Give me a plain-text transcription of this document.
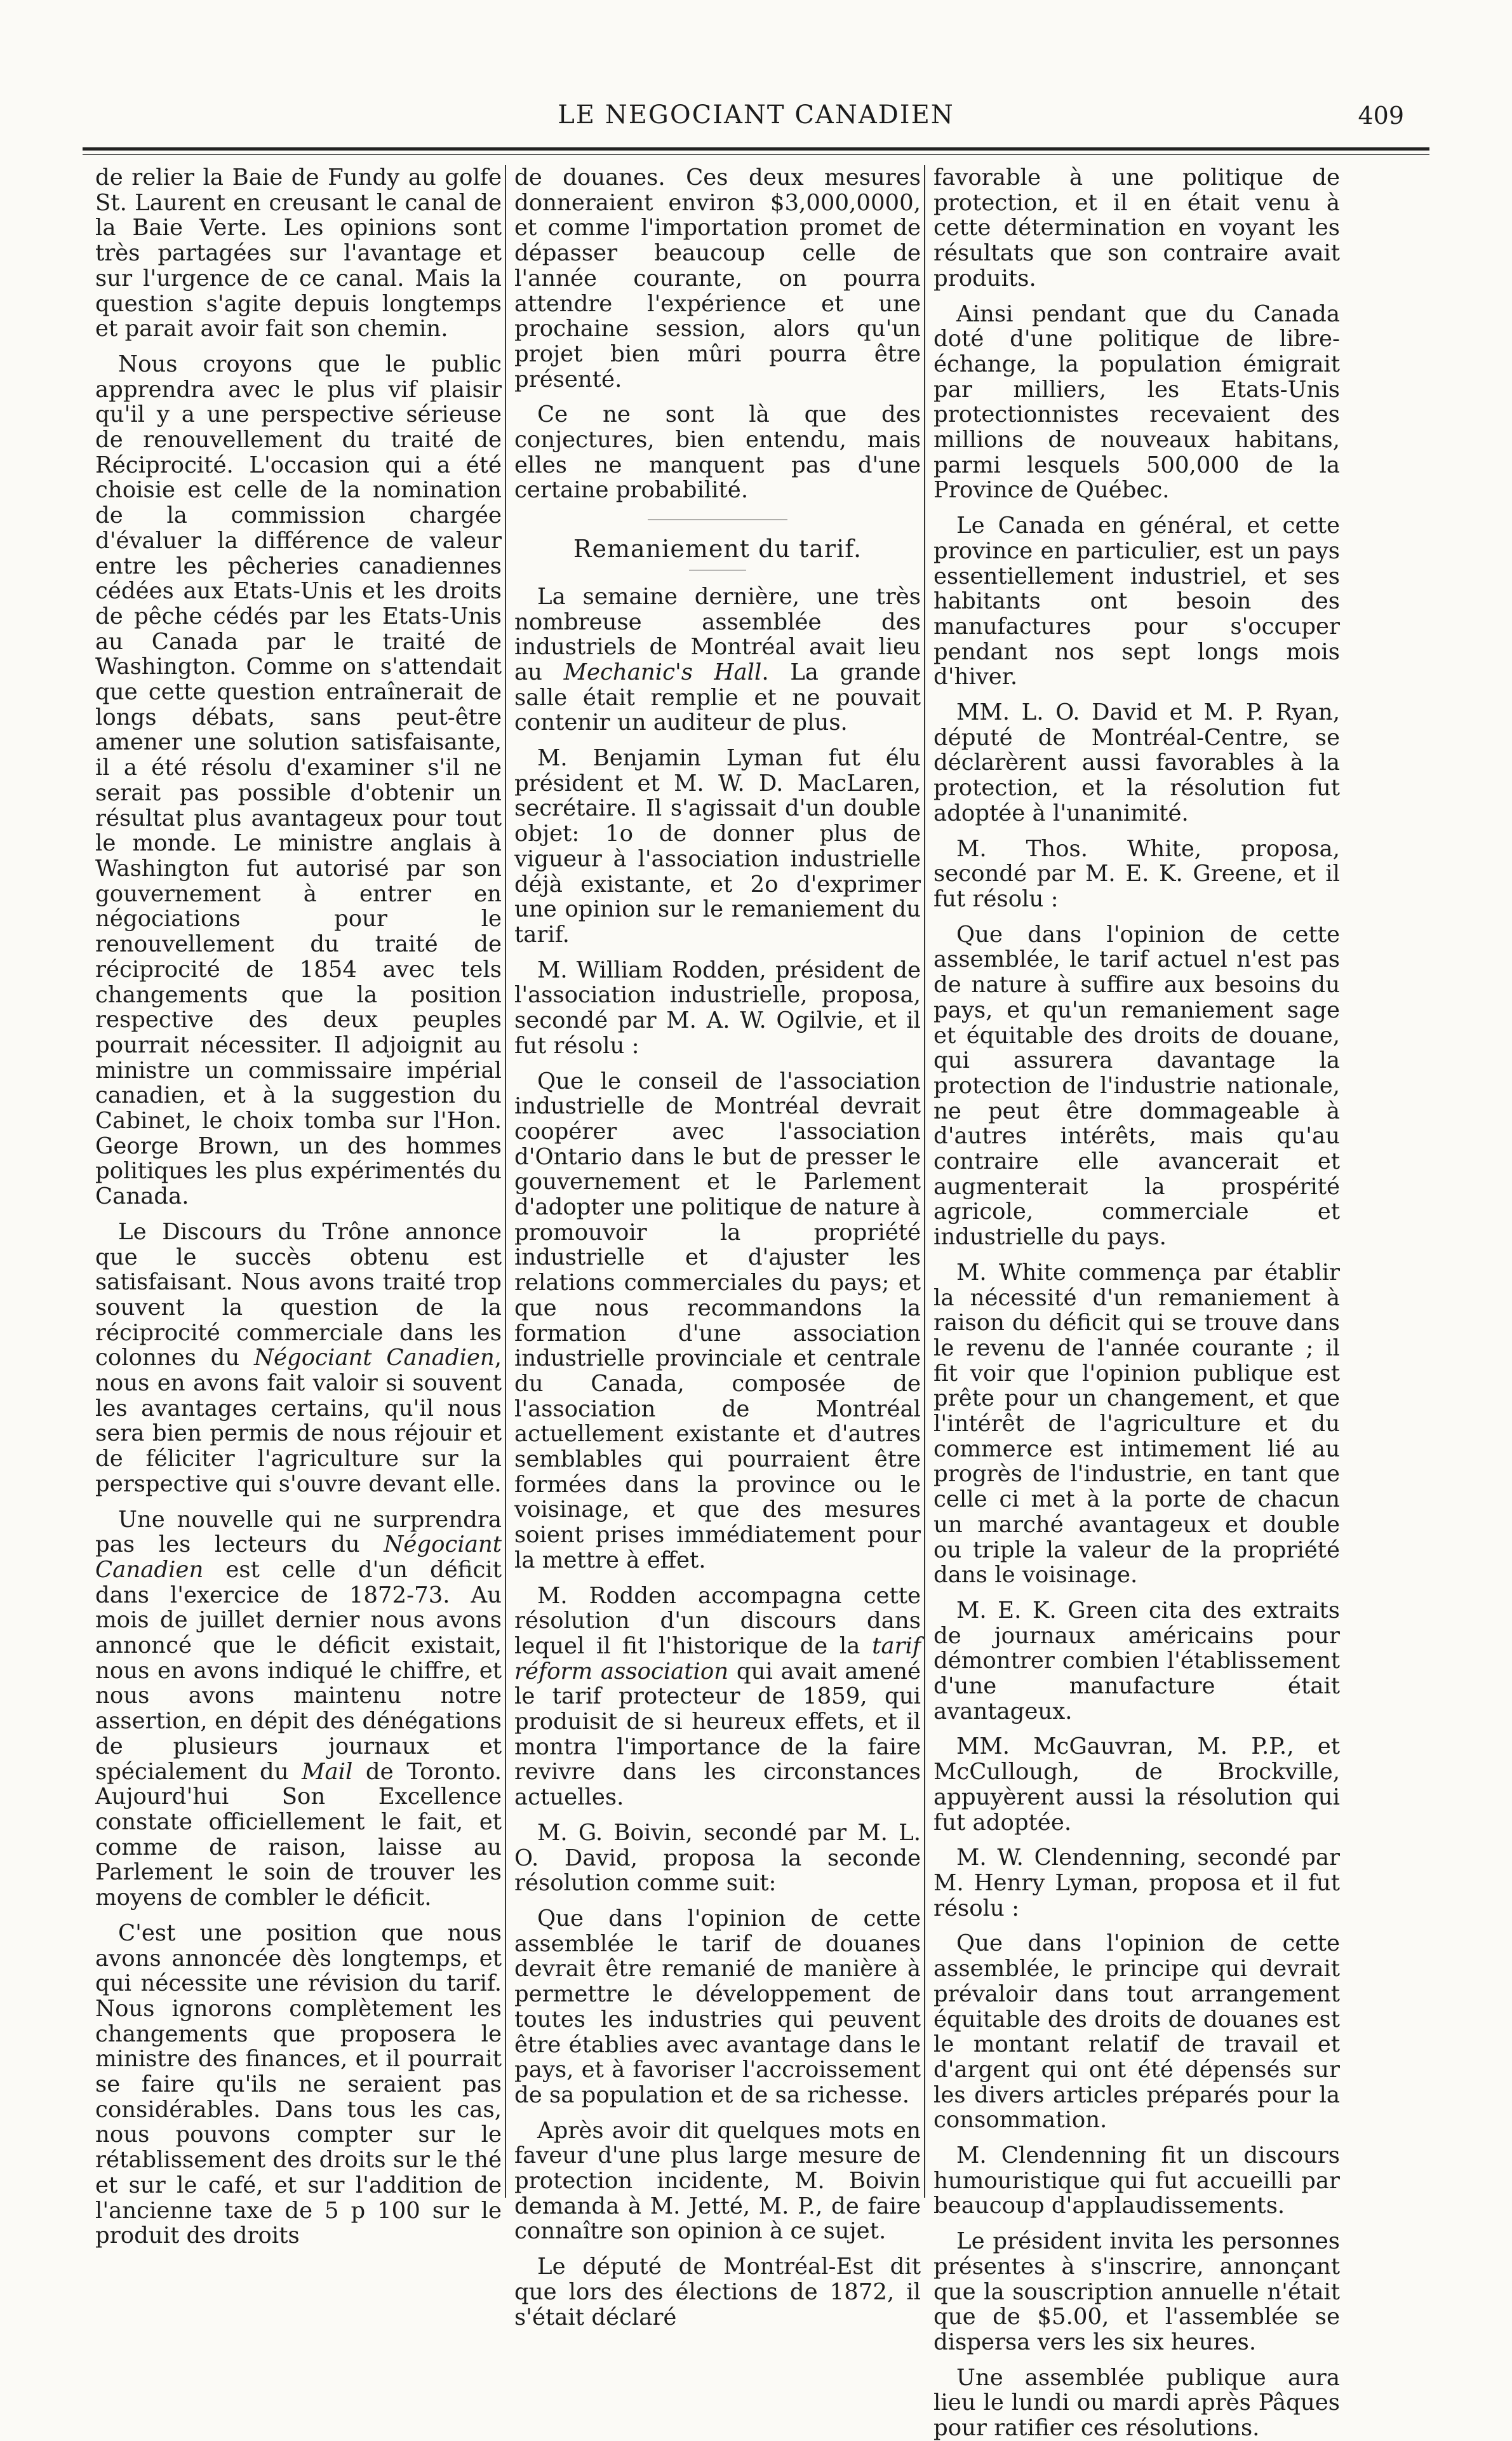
LE NEGOCIANT CANADIEN	409

de relier la Baie de Fundy au golfe St. Laurent en creusant le canal de la Baie Verte. Les opinions sont très partagées sur l'avantage et sur l'urgence de ce canal. Mais la question s'agite depuis longtemps et parait avoir fait son chemin.

Nous croyons que le public apprendra avec le plus vif plaisir qu'il y a une perspective sérieuse de renouvellement du traité de Réciprocité. L'occasion qui a été choisie est celle de la nomination de la commission chargée d'évaluer la différence de valeur entre les pêcheries canadiennes cédées aux Etats-Unis et les droits de pêche cédés par les Etats-Unis au Canada par le traité de Washington. Comme on s'attendait que cette question entraînerait de longs débats, sans peut-être amener une solution satisfaisante, il a été résolu d'examiner s'il ne serait pas possible d'obtenir un résultat plus avantageux pour tout le monde. Le ministre anglais à Washington fut autorisé par son gouvernement à entrer en négociations pour le renouvellement du traité de réciprocité de 1854 avec tels changements que la position respective des deux peuples pourrait nécessiter. Il adjoignit au ministre un commissaire impérial canadien, et à la suggestion du Cabinet, le choix tomba sur l'Hon. George Brown, un des hommes politiques les plus expérimentés du Canada.

Le Discours du Trône annonce que le succès obtenu est satisfaisant. Nous avons traité trop souvent la question de la réciprocité commerciale dans les colonnes du Négociant Canadien, nous en avons fait valoir si souvent les avantages certains, qu'il nous sera bien permis de nous réjouir et de féliciter l'agriculture sur la perspective qui s'ouvre devant elle.

Une nouvelle qui ne surprendra pas les lecteurs du Négociant Canadien est celle d'un déficit dans l'exercice de 1872-73. Au mois de juillet dernier nous avons annoncé que le déficit existait, nous en avons indiqué le chiffre, et nous avons maintenu notre assertion, en dépit des dénégations de plusieurs journaux et spécialement du Mail de Toronto. Aujourd'hui Son Excellence constate officiellement le fait, et comme de raison, laisse au Parlement le soin de trouver les moyens de combler le déficit.

C'est une position que nous avons annoncée dès longtemps, et qui nécessite une révision du tarif. Nous ignorons complètement les changements que proposera le ministre des finances, et il pourrait se faire qu'ils ne seraient pas considérables. Dans tous les cas, nous pouvons compter sur le rétablissement des droits sur le thé et sur le café, et sur l'addition de l'ancienne taxe de 5 p 100 sur le produit des droits

de douanes. Ces deux mesures donneraient environ $3,000,0000, et comme l'importation promet de dépasser beaucoup celle de l'année courante, on pourra attendre l'expérience et une prochaine session, alors qu'un projet bien mûri pourra être présenté.

Ce ne sont là que des conjectures, bien entendu, mais elles ne manquent pas d'une certaine probabilité.

Remaniement du tarif.

La semaine dernière, une très nombreuse assemblée des industriels de Montréal avait lieu au Mechanic's Hall. La grande salle était remplie et ne pouvait contenir un auditeur de plus.

M. Benjamin Lyman fut élu président et M. W. D. MacLaren, secrétaire. Il s'agissait d'un double objet: 1o de donner plus de vigueur à l'association industrielle déjà existante, et 2o d'exprimer une opinion sur le remaniement du tarif.

M. William Rodden, président de l'association industrielle, proposa, secondé par M. A. W. Ogilvie, et il fut résolu :

Que le conseil de l'association industrielle de Montréal devrait coopérer avec l'association d'Ontario dans le but de presser le gouvernement et le Parlement d'adopter une politique de nature à promouvoir la propriété industrielle et d'ajuster les relations commerciales du pays; et que nous recommandons la formation d'une association industrielle provinciale et centrale du Canada, composée de l'association de Montréal actuellement existante et d'autres semblables qui pourraient être formées dans la province ou le voisinage, et que des mesures soient prises immédiatement pour la mettre à effet.

M. Rodden accompagna cette résolution d'un discours dans lequel il fit l'historique de la tarif réform association qui avait amené le tarif protecteur de 1859, qui produisit de si heureux effets, et il montra l'importance de la faire revivre dans les circonstances actuelles.

M. G. Boivin, secondé par M. L. O. David, proposa la seconde résolution comme suit:

Que dans l'opinion de cette assemblée le tarif de douanes devrait être remanié de manière à permettre le développement de toutes les industries qui peuvent être établies avec avantage dans le pays, et à favoriser l'accroissement de sa population et de sa richesse.

Après avoir dit quelques mots en faveur d'une plus large mesure de protection incidente, M. Boivin demanda à M. Jetté, M. P., de faire connaître son opinion à ce sujet.

Le député de Montréal-Est dit que lors des élections de 1872, il s'était déclaré

favorable à une politique de protection, et il en était venu à cette détermination en voyant les résultats que son contraire avait produits.

Ainsi pendant que du Canada doté d'une politique de libre-échange, la population émigrait par milliers, les Etats-Unis protectionnistes recevaient des millions de nouveaux habitans, parmi lesquels 500,000 de la Province de Québec.

Le Canada en général, et cette province en particulier, est un pays essentiellement industriel, et ses habitants ont besoin des manufactures pour s'occuper pendant nos sept longs mois d'hiver.

MM. L. O. David et M. P. Ryan, député de Montréal-Centre, se déclarèrent aussi favorables à la protection, et la résolution fut adoptée à l'unanimité.

M. Thos. White, proposa, secondé par M. E. K. Greene, et il fut résolu :

Que dans l'opinion de cette assemblée, le tarif actuel n'est pas de nature à suffire aux besoins du pays, et qu'un remaniement sage et équitable des droits de douane, qui assurera davantage la protection de l'industrie nationale, ne peut être dommageable à d'autres intérêts, mais qu'au contraire elle avancerait et augmenterait la prospérité agricole, commerciale et industrielle du pays.

M. White commença par établir la nécessité d'un remaniement à raison du déficit qui se trouve dans le revenu de l'année courante ; il fit voir que l'opinion publique est prête pour un changement, et que l'intérêt de l'agriculture et du commerce est intimement lié au progrès de l'industrie, en tant que celle ci met à la porte de chacun un marché avantageux et double ou triple la valeur de la propriété dans le voisinage.

M. E. K. Green cita des extraits de journaux américains pour démontrer combien l'établissement d'une manufacture était avantageux.

MM. McGauvran, M. P.P., et McCullough, de Brockville, appuyèrent aussi la résolution qui fut adoptée.

M. W. Clendenning, secondé par M. Henry Lyman, proposa et il fut résolu :

Que dans l'opinion de cette assemblée, le principe qui devrait prévaloir dans tout arrangement équitable des droits de douanes est le montant relatif de travail et d'argent qui ont été dépensés sur les divers articles préparés pour la consommation.

M. Clendenning fit un discours humouristique qui fut accueilli par beaucoup d'applaudissements.

Le président invita les personnes présentes à s'inscrire, annonçant que la souscription annuelle n'était que de $5.00, et l'assemblée se dispersa vers les six heures.

Une assemblée publique aura lieu le lundi ou mardi après Pâques pour ratifier ces résolutions.
